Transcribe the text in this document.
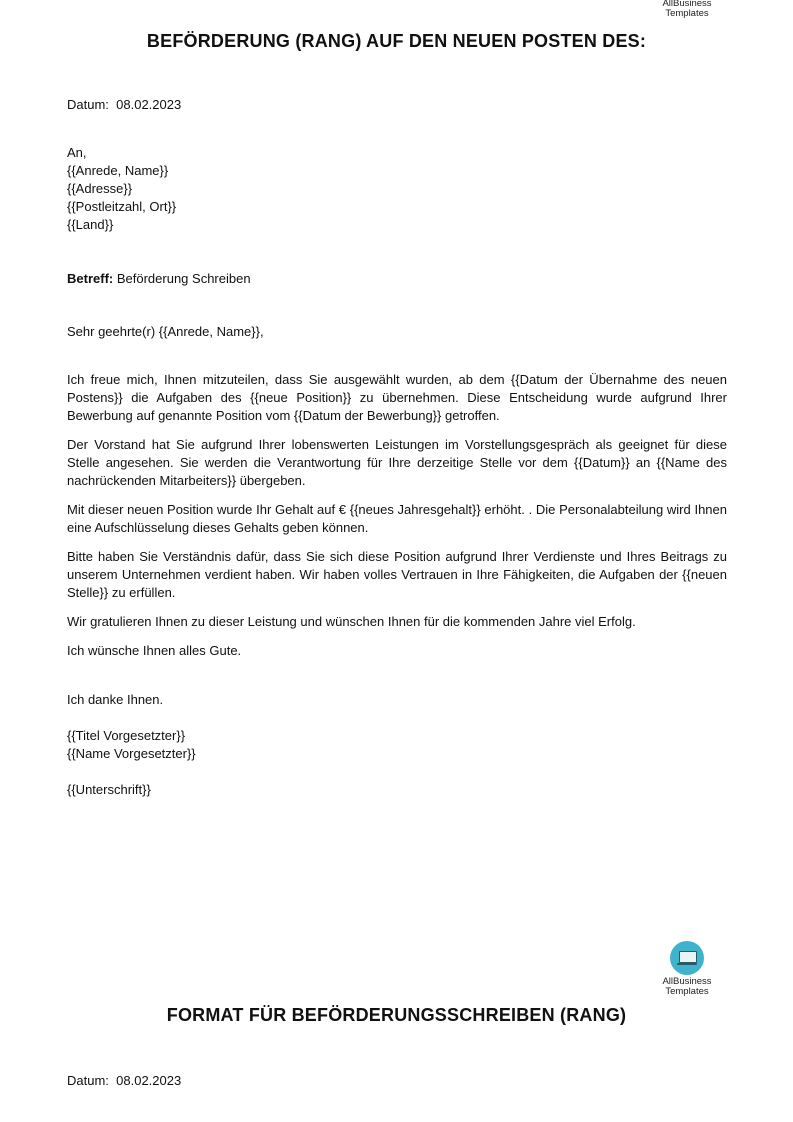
AllBusiness
Templates
BEFÖRDERUNG (RANG) AUF DEN NEUEN POSTEN DES:
Datum: 08.02.2023
An,
{{Anrede, Name}}
{{Adresse}}
{{Postleitzahl, Ort}}
{{Land}}
Betreff: Beförderung Schreiben
Sehr geehrte(r) {{Anrede, Name}},

Ich freue mich, Ihnen mitzuteilen, dass Sie ausgewählt wurden, ab dem {{Datum der Übernahme des neuen Postens}} die Aufgaben des {{neue Position}} zu übernehmen. Diese Entscheidung wurde aufgrund Ihrer Bewerbung auf genannte Position vom {{Datum der Bewerbung}} getroffen.

Der Vorstand hat Sie aufgrund Ihrer lobenswerten Leistungen im Vorstellungsgespräch als geeignet für diese Stelle angesehen. Sie werden die Verantwortung für Ihre derzeitige Stelle vor dem {{Datum}} an {{Name des nachrückenden Mitarbeiters}} übergeben.

Mit dieser neuen Position wurde Ihr Gehalt auf € {{neues Jahresgehalt}} erhöht. . Die Personalabteilung wird Ihnen eine Aufschlüsselung dieses Gehalts geben können.

Bitte haben Sie Verständnis dafür, dass Sie sich diese Position aufgrund Ihrer Verdienste und Ihres Beitrags zu unserem Unternehmen verdient haben. Wir haben volles Vertrauen in Ihre Fähigkeiten, die Aufgaben der {{neuen Stelle}} zu erfüllen.

Wir gratulieren Ihnen zu dieser Leistung und wünschen Ihnen für die kommenden Jahre viel Erfolg.

Ich wünsche Ihnen alles Gute.

Ich danke Ihnen.
{{Titel Vorgesetzter}}
{{Name Vorgesetzter}}
{{Unterschrift}}
AllBusiness
Templates
FORMAT FÜR BEFÖRDERUNGSSCHREIBEN (RANG)
Datum: 08.02.2023
